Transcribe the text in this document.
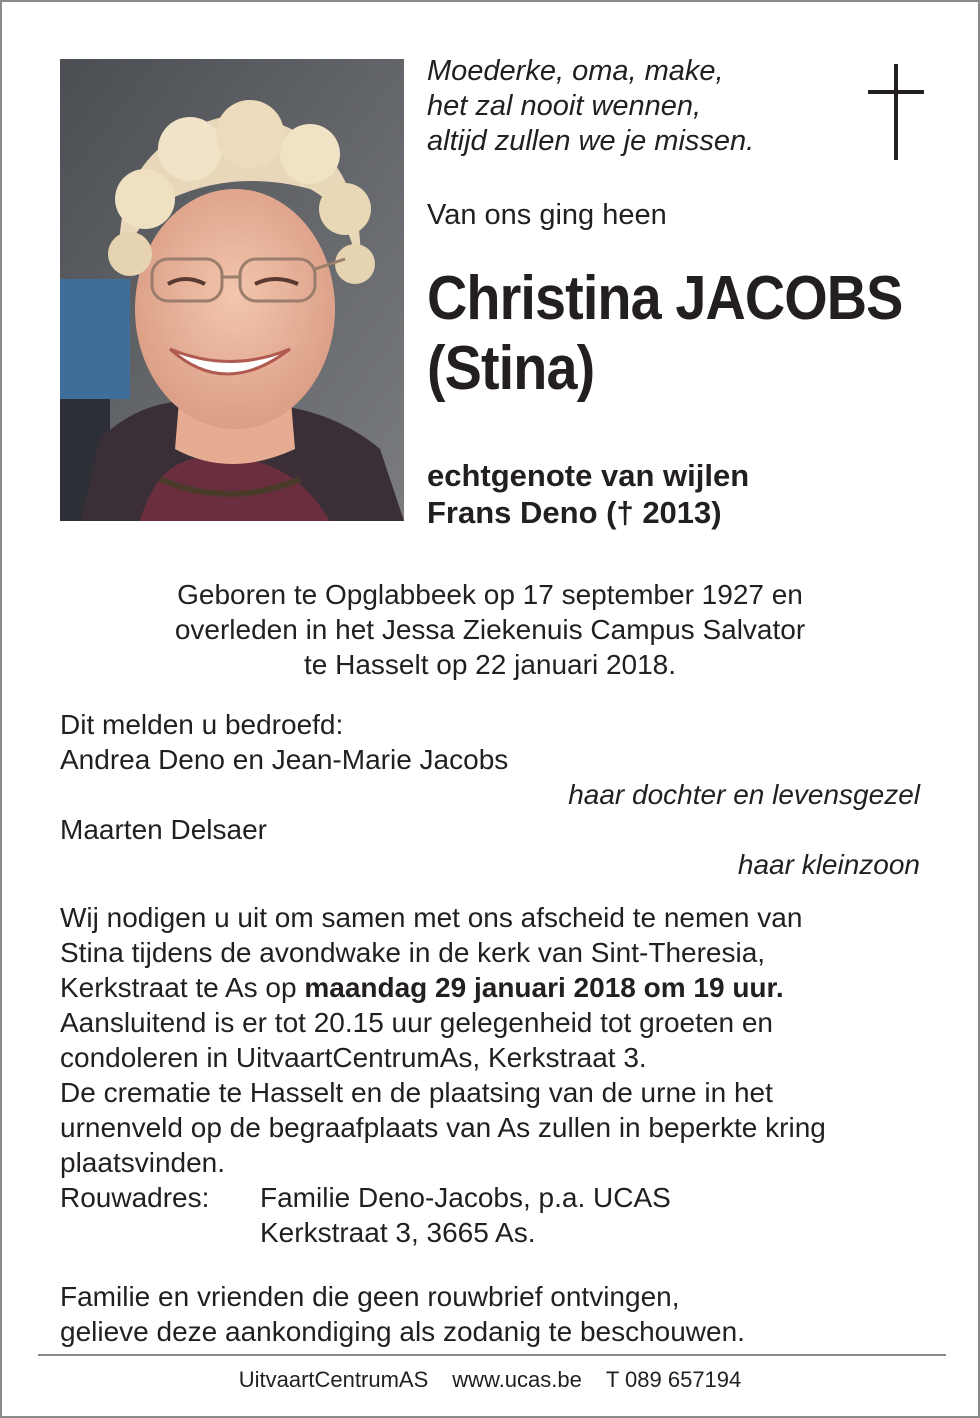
Moederke, oma, make,
het zal nooit wennen,
altijd zullen we je missen.
Van ons ging heen
Christina JACOBS
(Stina)
echtgenote van wijlen
Frans Deno († 2013)
Geboren te Opglabbeek op 17 september 1927 en
overleden in het Jessa Ziekenuis Campus Salvator
te Hasselt op 22 januari 2018.
Dit melden u bedroefd:
Andrea Deno en Jean-Marie Jacobs
haar dochter en levensgezel
Maarten Delsaer
haar kleinzoon
Wij nodigen u uit om samen met ons afscheid te nemen van
Stina tijdens de avondwake in de kerk van Sint-Theresia,
Kerkstraat te As op maandag 29 januari 2018 om 19 uur.
Aansluitend is er tot 20.15 uur gelegenheid tot groeten en
condoleren in UitvaartCentrumAs, Kerkstraat 3.
De crematie te Hasselt en de plaatsing van de urne in het
urnenveld op de begraafplaats van As zullen in beperkte kring
plaatsvinden.
Rouwadres:	Familie Deno-Jacobs, p.a. UCAS
Kerkstraat 3, 3665 As.
Familie en vrienden die geen rouwbrief ontvingen,
gelieve deze aankondiging als zodanig te beschouwen.
UitvaartCentrumAS www.ucas.be T 089 657194
